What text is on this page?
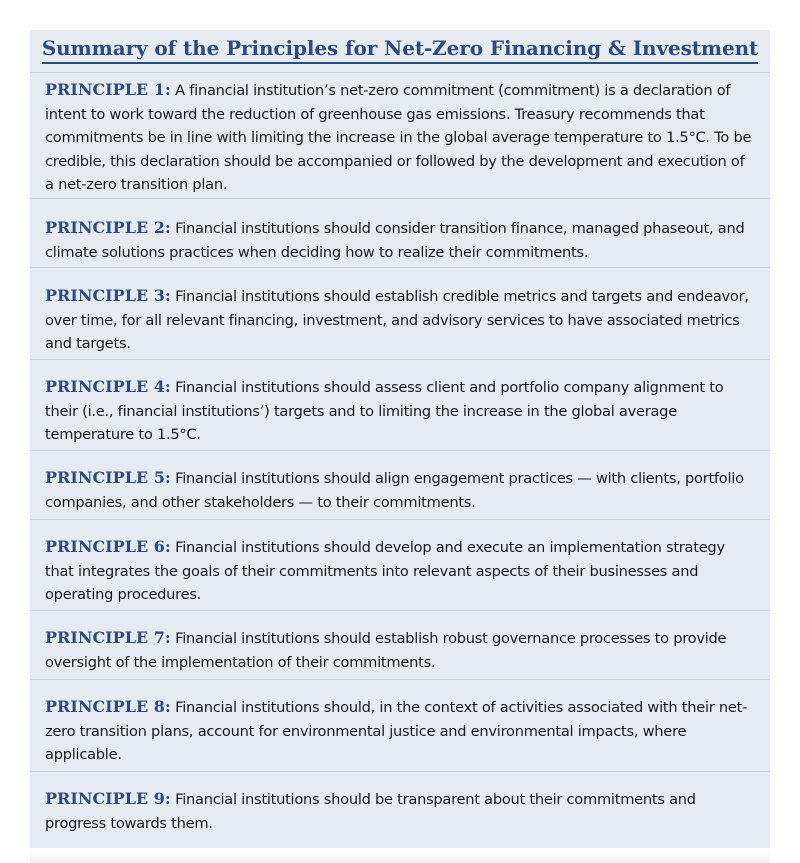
Summary of the Principles for Net-Zero Financing & Investment
PRINCIPLE 1: A financial institution’s net-zero commitment (commitment) is a declaration of intent to work toward the reduction of greenhouse gas emissions. Treasury recommends that commitments be in line with limiting the increase in the global average temperature to 1.5°C. To be credible, this declaration should be accompanied or followed by the development and execution of a net-zero transition plan.
PRINCIPLE 2: Financial institutions should consider transition finance, managed phaseout, and climate solutions practices when deciding how to realize their commitments.
PRINCIPLE 3: Financial institutions should establish credible metrics and targets and endeavor, over time, for all relevant financing, investment, and advisory services to have associated metrics and targets.
PRINCIPLE 4: Financial institutions should assess client and portfolio company alignment to their (i.e., financial institutions’) targets and to limiting the increase in the global average temperature to 1.5°C.
PRINCIPLE 5: Financial institutions should align engagement practices — with clients, portfolio companies, and other stakeholders — to their commitments.
PRINCIPLE 6: Financial institutions should develop and execute an implementation strategy that integrates the goals of their commitments into relevant aspects of their businesses and operating procedures.
PRINCIPLE 7: Financial institutions should establish robust governance processes to provide oversight of the implementation of their commitments.
PRINCIPLE 8: Financial institutions should, in the context of activities associated with their net-zero transition plans, account for environmental justice and environmental impacts, where applicable.
PRINCIPLE 9: Financial institutions should be transparent about their commitments and progress towards them.
